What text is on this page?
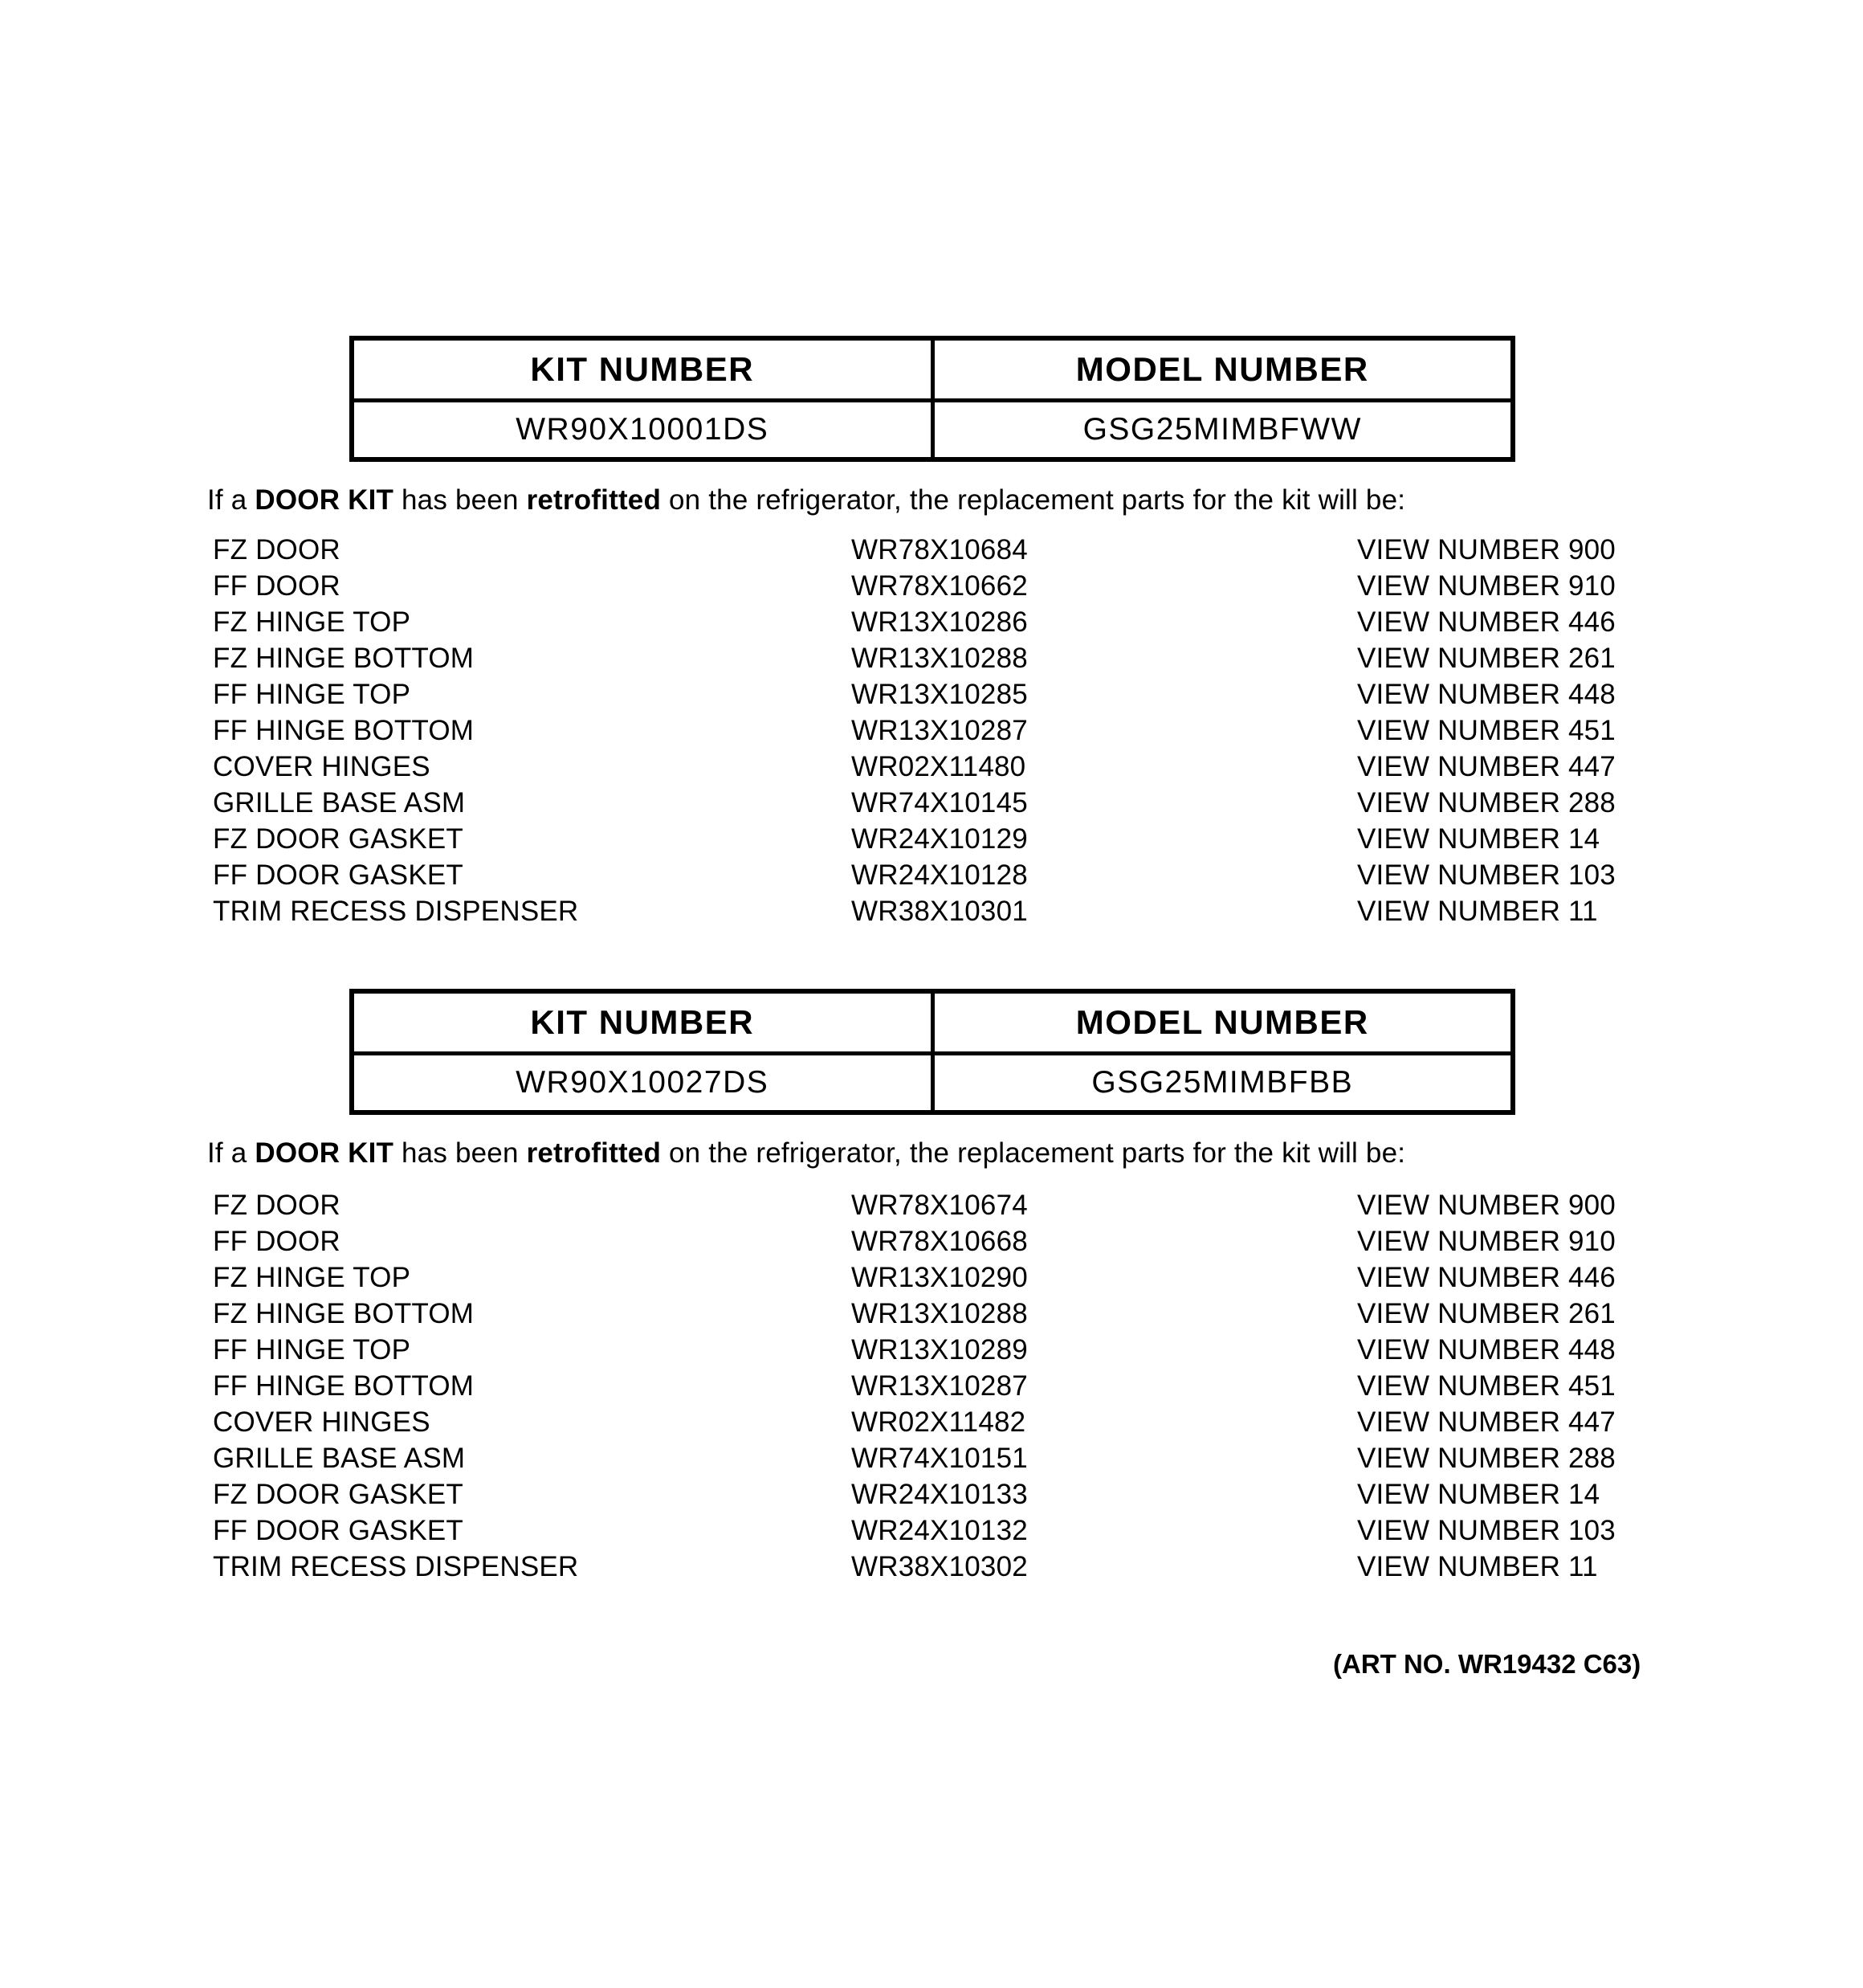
KIT NUMBER	MODEL NUMBER
WR90X10001DS	GSG25MIMBFWW
If a DOOR KIT has been retrofitted on the refrigerator, the replacement parts for the kit will be:
FZ DOOR	WR78X10684	VIEW NUMBER 900
FF DOOR	WR78X10662	VIEW NUMBER 910
FZ HINGE TOP	WR13X10286	VIEW NUMBER 446
FZ HINGE BOTTOM	WR13X10288	VIEW NUMBER 261
FF HINGE TOP	WR13X10285	VIEW NUMBER 448
FF HINGE BOTTOM	WR13X10287	VIEW NUMBER 451
COVER HINGES	WR02X11480	VIEW NUMBER 447
GRILLE BASE ASM	WR74X10145	VIEW NUMBER 288
FZ DOOR GASKET	WR24X10129	VIEW NUMBER 14
FF DOOR GASKET	WR24X10128	VIEW NUMBER 103
TRIM RECESS DISPENSER	WR38X10301	VIEW NUMBER 11
KIT NUMBER	MODEL NUMBER
WR90X10027DS	GSG25MIMBFBB
If a DOOR KIT has been retrofitted on the refrigerator, the replacement parts for the kit will be:
FZ DOOR	WR78X10674	VIEW NUMBER 900
FF DOOR	WR78X10668	VIEW NUMBER 910
FZ HINGE TOP	WR13X10290	VIEW NUMBER 446
FZ HINGE BOTTOM	WR13X10288	VIEW NUMBER 261
FF HINGE TOP	WR13X10289	VIEW NUMBER 448
FF HINGE BOTTOM	WR13X10287	VIEW NUMBER 451
COVER HINGES	WR02X11482	VIEW NUMBER 447
GRILLE BASE ASM	WR74X10151	VIEW NUMBER 288
FZ DOOR GASKET	WR24X10133	VIEW NUMBER 14
FF DOOR GASKET	WR24X10132	VIEW NUMBER 103
TRIM RECESS DISPENSER	WR38X10302	VIEW NUMBER 11
(ART NO. WR19432 C63)
